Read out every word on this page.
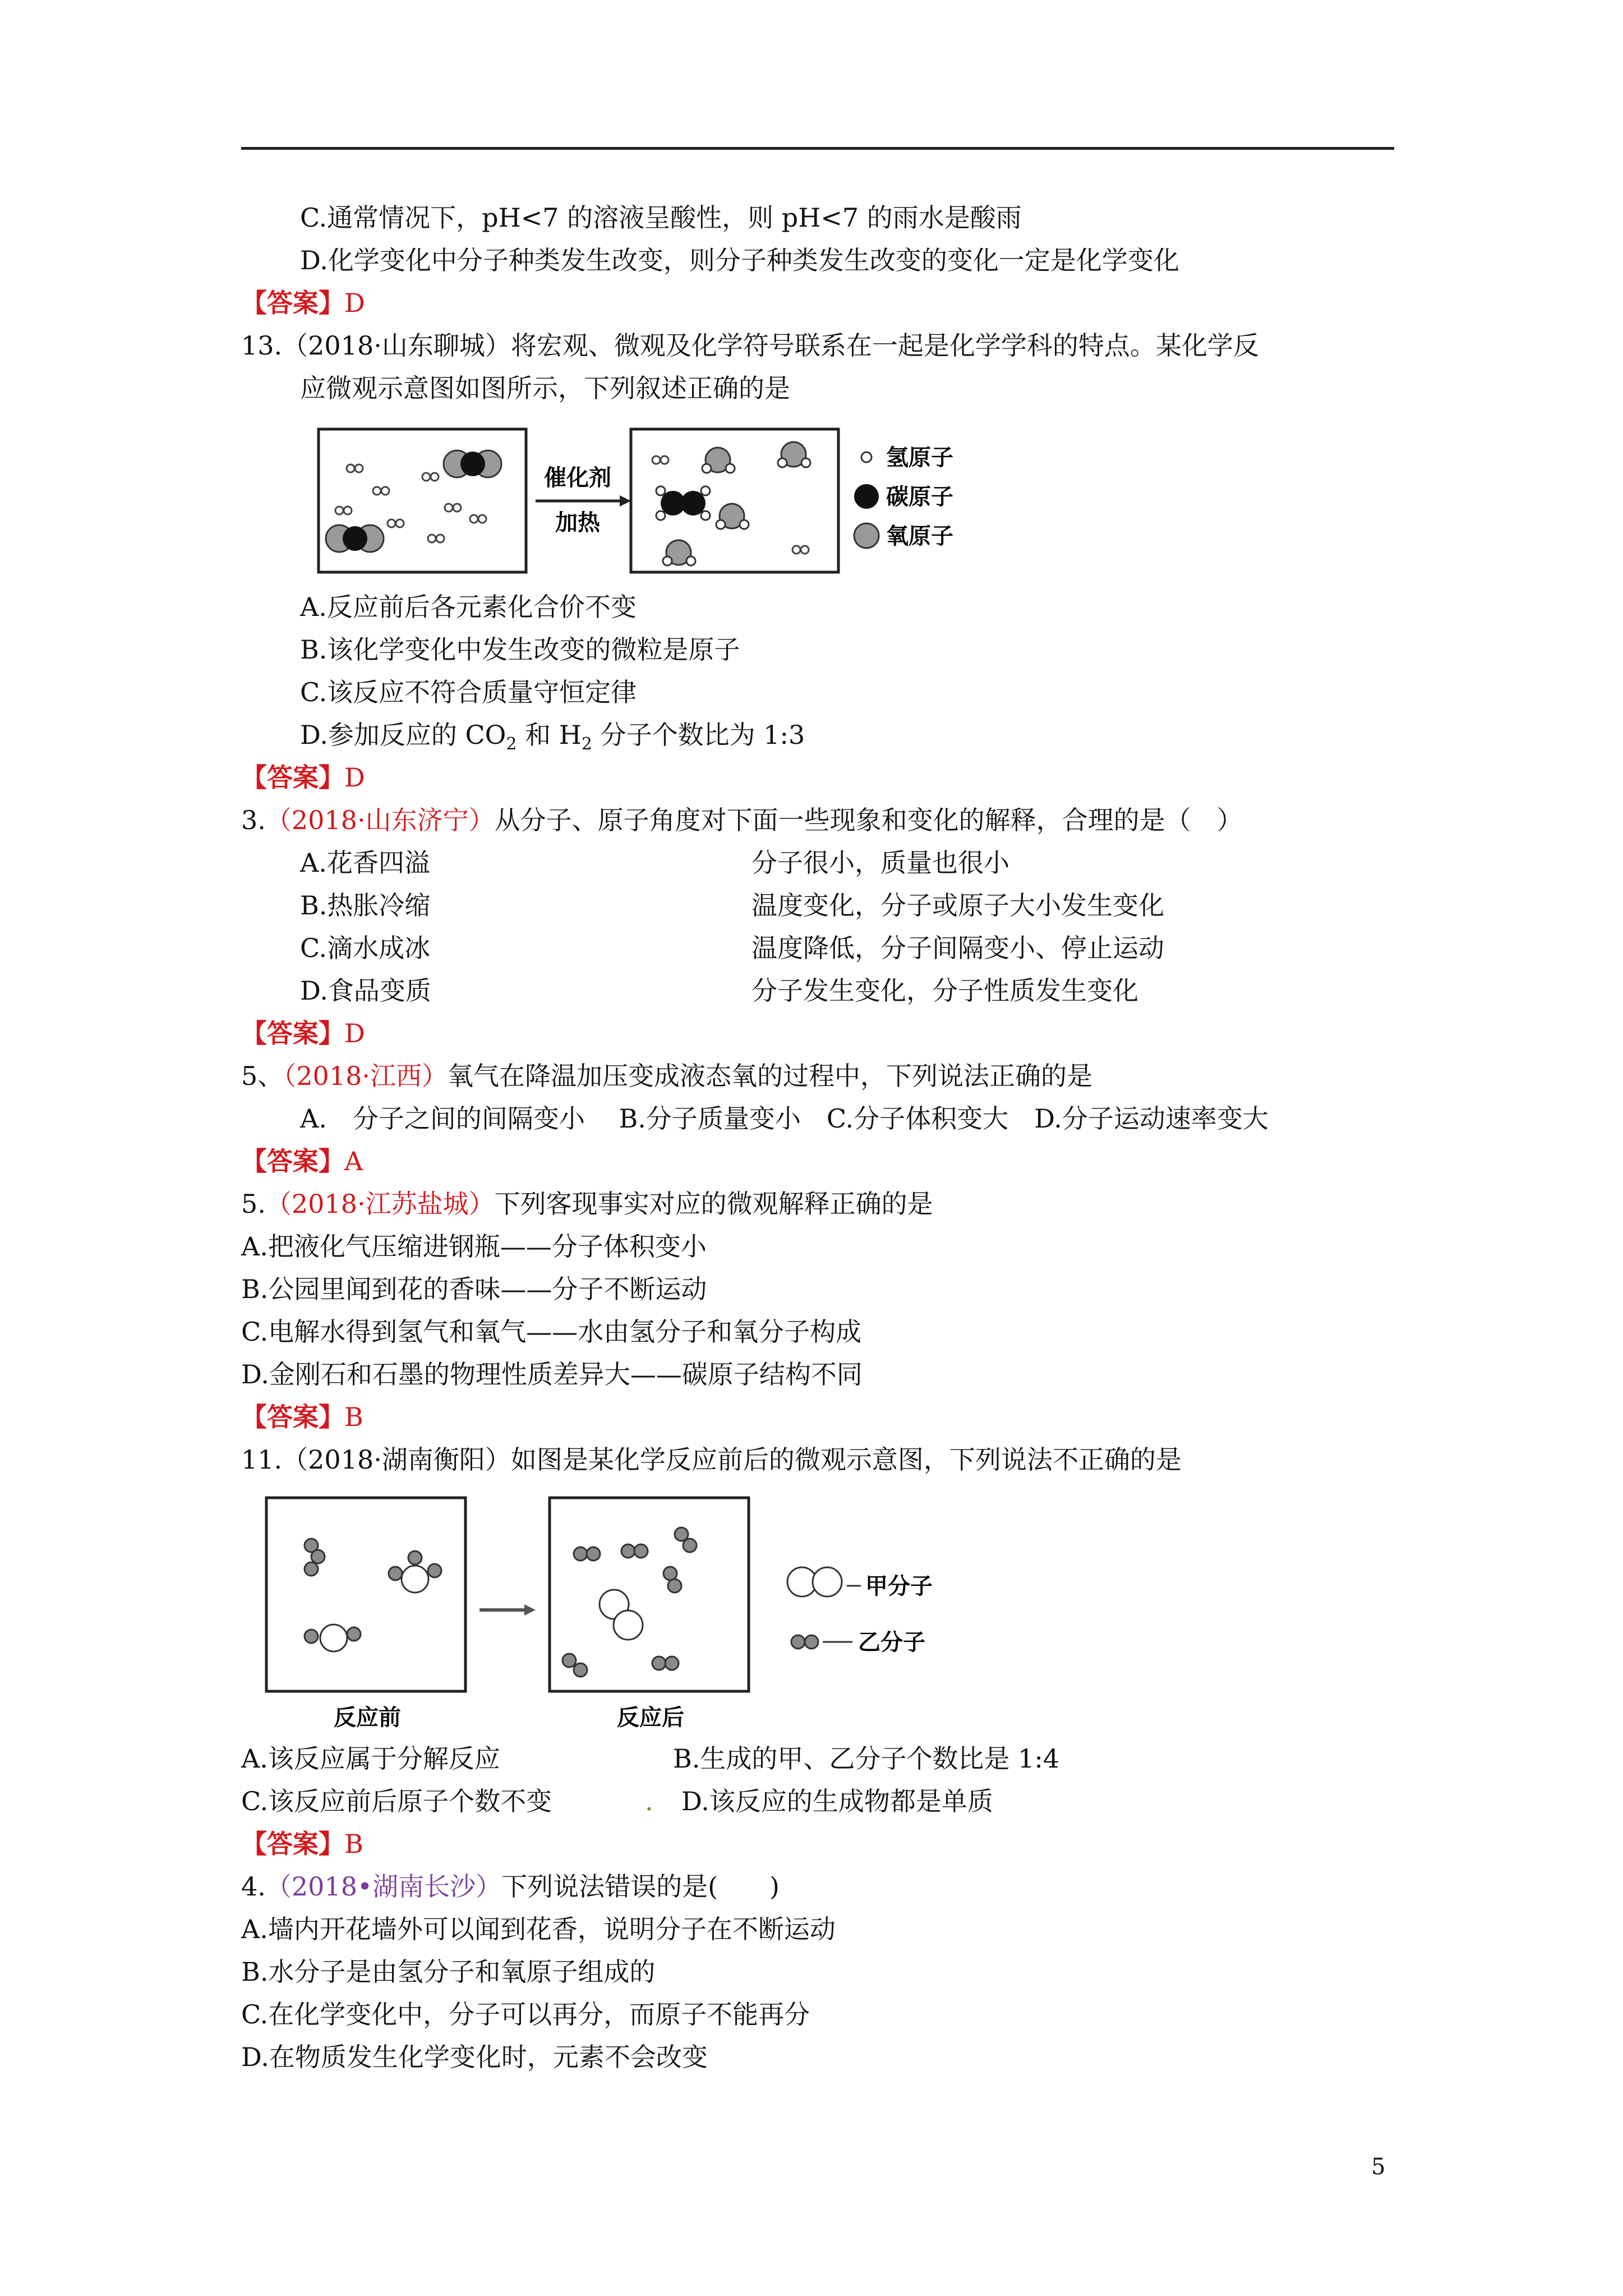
C.通常情况下，pH<7 的溶液呈酸性，则 pH<7 的雨水是酸雨
D.化学变化中分子种类发生改变，则分子种类发生改变的变化一定是化学变化
【答案】D
13.（2018·山东聊城）将宏观、微观及化学符号联系在一起是化学学科的特点。某化学反
应微观示意图如图所示，下列叙述正确的是
催化剂
加热
氢原子
碳原子
氧原子
A.反应前后各元素化合价不变
B.该化学变化中发生改变的微粒是原子
C.该反应不符合质量守恒定律
D.参加反应的 $CO_2$ 和 $H_2$ 分子个数比为 1:3
【答案】D
3.（2018·山东济宁）从分子、原子角度对下面一些现象和变化的解释，合理的是（　）
A.花香四溢	分子很小，质量也很小
B.热胀冷缩	温度变化，分子或原子大小发生变化
C.滴水成冰	温度降低，分子间隔变小、停止运动
D.食品变质	分子发生变化，分子性质发生变化
【答案】D
5、（2018·江西）氧气在降温加压变成液态氧的过程中，下列说法正确的是
A.　分子之间的间隔变小　 B.分子质量变小　C.分子体积变大　D.分子运动速率变大
【答案】A
5.（2018·江苏盐城）下列客现事实对应的微观解释正确的是
A.把液化气压缩进钢瓶——分子体积变小
B.公园里闻到花的香味——分子不断运动
C.电解水得到氢气和氧气——水由氢分子和氧分子构成
D.金刚石和石墨的物理性质差异大——碳原子结构不同
【答案】B
11.（2018·湖南衡阳）如图是某化学反应前后的微观示意图，下列说法不正确的是
甲分子
乙分子
反应前	反应后
A.该反应属于分解反应	B.生成的甲、乙分子个数比是 1:4
C.该反应前后原子个数不变	. D.该反应的生成物都是单质
【答案】B
4.（2018•湖南长沙）下列说法错误的是(　　)
A.墙内开花墙外可以闻到花香，说明分子在不断运动
B.水分子是由氢分子和氧原子组成的
C.在化学变化中，分子可以再分，而原子不能再分
D.在物质发生化学变化时，元素不会改变
5
